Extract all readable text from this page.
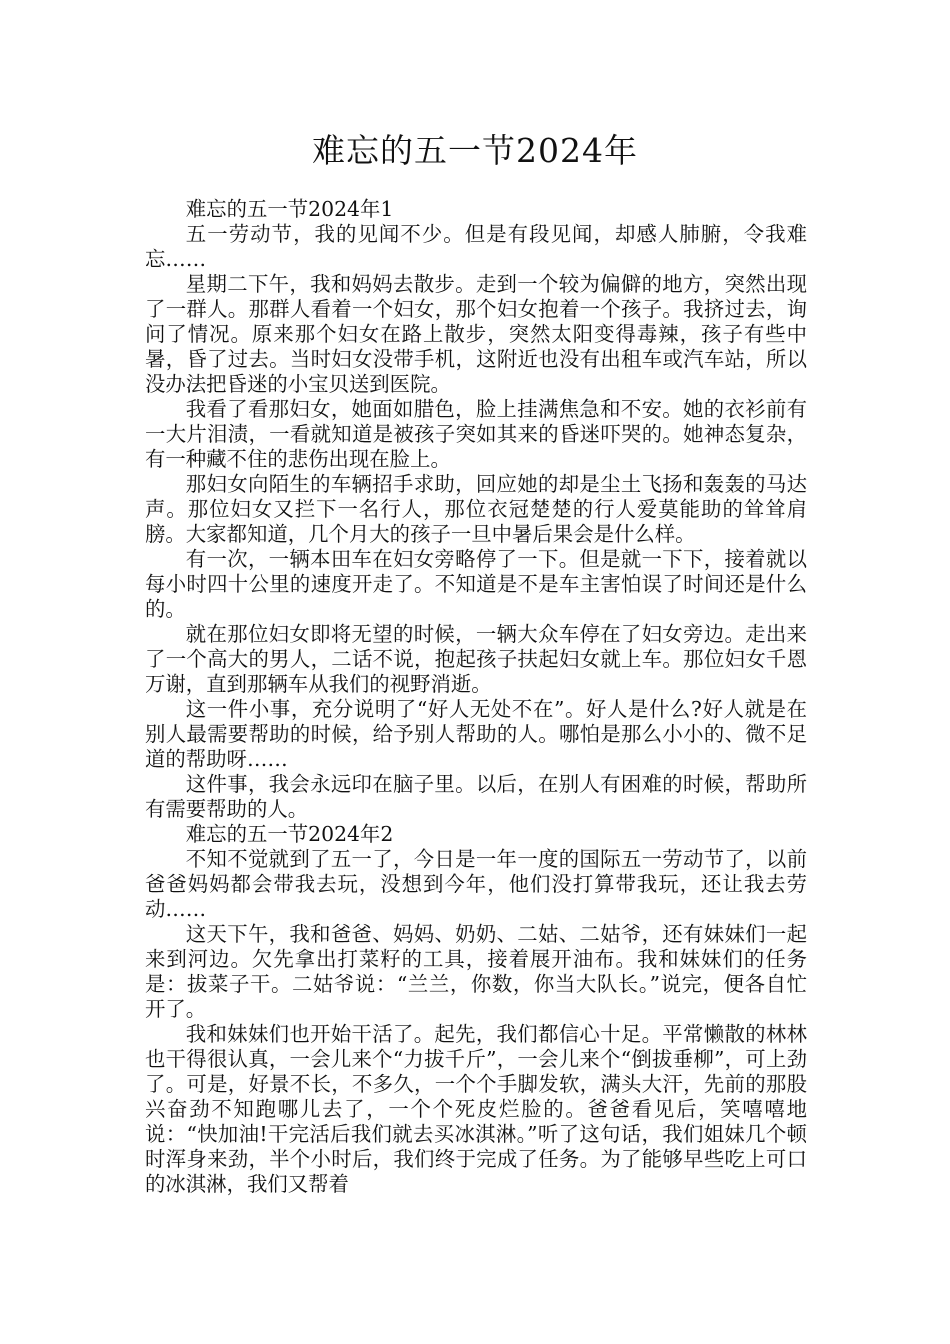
难忘的五一节2024年

难忘的五一节2024年1

五一劳动节，我的见闻不少。但是有段见闻，却感人肺腑，令我难忘……

星期二下午，我和妈妈去散步。走到一个较为偏僻的地方，突然出现了一群人。那群人看着一个妇女，那个妇女抱着一个孩子。我挤过去，询问了情况。原来那个妇女在路上散步，突然太阳变得毒辣，孩子有些中暑，昏了过去。当时妇女没带手机，这附近也没有出租车或汽车站，所以没办法把昏迷的小宝贝送到医院。

我看了看那妇女，她面如腊色，脸上挂满焦急和不安。她的衣衫前有一大片泪渍，一看就知道是被孩子突如其来的昏迷吓哭的。她神态复杂，有一种藏不住的悲伤出现在脸上。

那妇女向陌生的车辆招手求助，回应她的却是尘土飞扬和轰轰的马达声。那位妇女又拦下一名行人，那位衣冠楚楚的行人爱莫能助的耸耸肩膀。大家都知道，几个月大的孩子一旦中暑后果会是什么样。

有一次，一辆本田车在妇女旁略停了一下。但是就一下下，接着就以每小时四十公里的速度开走了。不知道是不是车主害怕误了时间还是什么的。

就在那位妇女即将无望的时候，一辆大众车停在了妇女旁边。走出来了一个高大的男人，二话不说，抱起孩子扶起妇女就上车。那位妇女千恩万谢，直到那辆车从我们的视野消逝。

这一件小事，充分说明了“好人无处不在”。好人是什么?好人就是在别人最需要帮助的时候，给予别人帮助的人。哪怕是那么小小的、微不足道的帮助呀……

这件事，我会永远印在脑子里。以后，在别人有困难的时候，帮助所有需要帮助的人。

难忘的五一节2024年2

不知不觉就到了五一了，今日是一年一度的国际五一劳动节了，以前爸爸妈妈都会带我去玩，没想到今年，他们没打算带我玩，还让我去劳动……

这天下午，我和爸爸、妈妈、奶奶、二姑、二姑爷，还有妹妹们一起来到河边。欠先拿出打菜籽的工具，接着展开油布。我和妹妹们的任务是：拔菜子干。二姑爷说：“兰兰，你数，你当大队长。”说完，便各自忙开了。

我和妹妹们也开始干活了。起先，我们都信心十足。平常懒散的林林也干得很认真，一会儿来个“力拔千斤”，一会儿来个“倒拔垂柳”，可上劲了。可是，好景不长，不多久，一个个手脚发软，满头大汗，先前的那股兴奋劲不知跑哪儿去了，一个个死皮烂脸的。爸爸看见后，笑嘻嘻地说：“快加油!干完活后我们就去买冰淇淋。”听了这句话，我们姐妹几个顿时浑身来劲，半个小时后，我们终于完成了任务。为了能够早些吃上可口的冰淇淋，我们又帮着
